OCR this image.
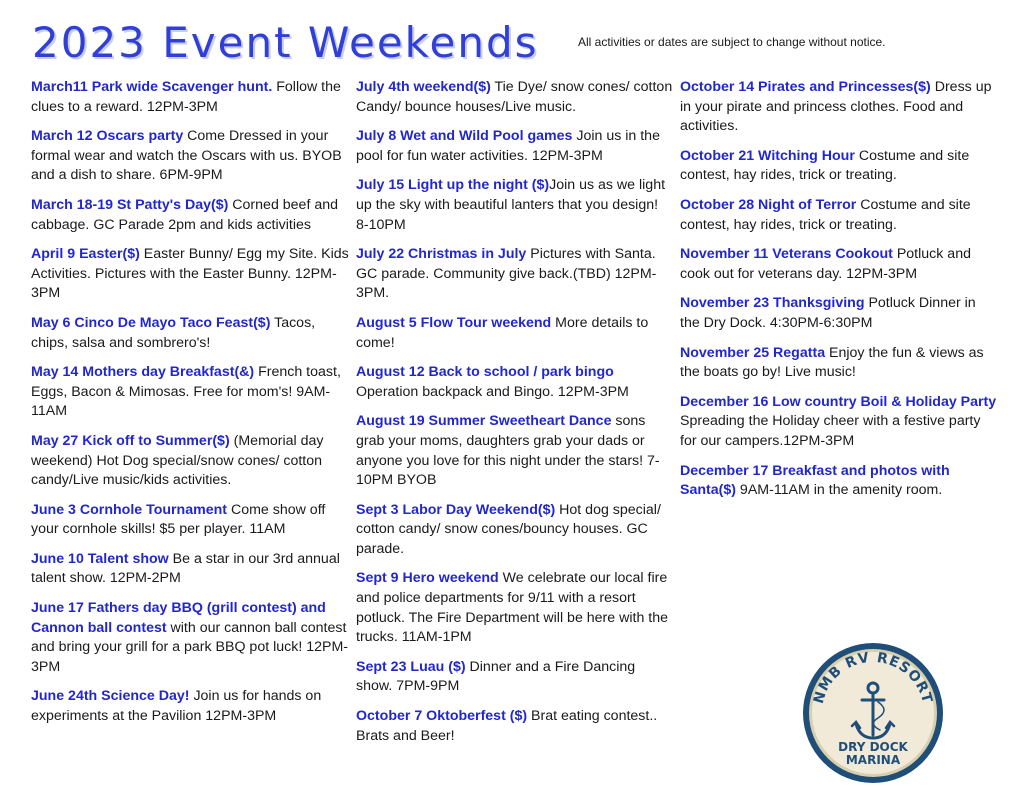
2023 Event Weekends	All activities or dates are subject to change without notice.
March11 Park wide Scavenger hunt. Follow the clues to a reward. 12PM-3PM
March 12 Oscars party Come Dressed in your formal wear and watch the Oscars with us. BYOB and a dish to share. 6PM-9PM
March 18-19 St Patty's Day($) Corned beef and cabbage. GC Parade 2pm and kids activities
April 9 Easter($) Easter Bunny/ Egg my Site. Kids Activities. Pictures with the Easter Bunny. 12PM-3PM
May 6 Cinco De Mayo Taco Feast($) Tacos, chips, salsa and sombrero's!
May 14 Mothers day Breakfast(&) French toast, Eggs, Bacon & Mimosas. Free for mom's! 9AM-11AM
May 27 Kick off to Summer($) (Memorial day weekend) Hot Dog special/snow cones/ cotton candy/Live music/kids activities.
June 3 Cornhole Tournament Come show off your cornhole skills! $5 per player. 11AM
June 10 Talent show Be a star in our 3rd annual talent show. 12PM-2PM
June 17 Fathers day BBQ (grill contest) and Cannon ball contest with our cannon ball contest and bring your grill for a park BBQ pot luck! 12PM-3PM
June 24th Science Day! Join us for hands on experiments at the Pavilion 12PM-3PM
July 4th weekend($) Tie Dye/ snow cones/ cotton Candy/ bounce houses/Live music.
July 8 Wet and Wild Pool games Join us in the pool for fun water activities. 12PM-3PM
July 15 Light up the night ($)Join us as we light up the sky with beautiful lanters that you design! 8-10PM
July 22 Christmas in July Pictures with Santa. GC parade. Community give back.(TBD) 12PM-3PM.
August 5 Flow Tour weekend More details to come!
August 12 Back to school / park bingo Operation backpack and Bingo. 12PM-3PM
August 19 Summer Sweetheart Dance sons grab your moms, daughters grab your dads or anyone you love for this night under the stars! 7-10PM BYOB
Sept 3 Labor Day Weekend($) Hot dog special/ cotton candy/ snow cones/bouncy houses. GC parade.
Sept 9 Hero weekend We celebrate our local fire and police departments for 9/11 with a resort potluck. The Fire Department will be here with the trucks. 11AM-1PM
Sept 23 Luau ($) Dinner and a Fire Dancing show. 7PM-9PM
October 7 Oktoberfest ($) Brat eating contest.. Brats and Beer!
October 14 Pirates and Princesses($) Dress up in your pirate and princess clothes. Food and activities.
October 21 Witching Hour Costume and site contest, hay rides, trick or treating.
October 28 Night of Terror Costume and site contest, hay rides, trick or treating.
November 11 Veterans Cookout Potluck and cook out for veterans day. 12PM-3PM
November 23 Thanksgiving Potluck Dinner in the Dry Dock. 4:30PM-6:30PM
November 25 Regatta Enjoy the fun & views as the boats go by! Live music!
December 16 Low country Boil & Holiday Party Spreading the Holiday cheer with a festive party for our campers.12PM-3PM
December 17 Breakfast and photos with Santa($) 9AM-11AM in the amenity room.
NMB RV RESORT
DRY DOCK
MARINA
